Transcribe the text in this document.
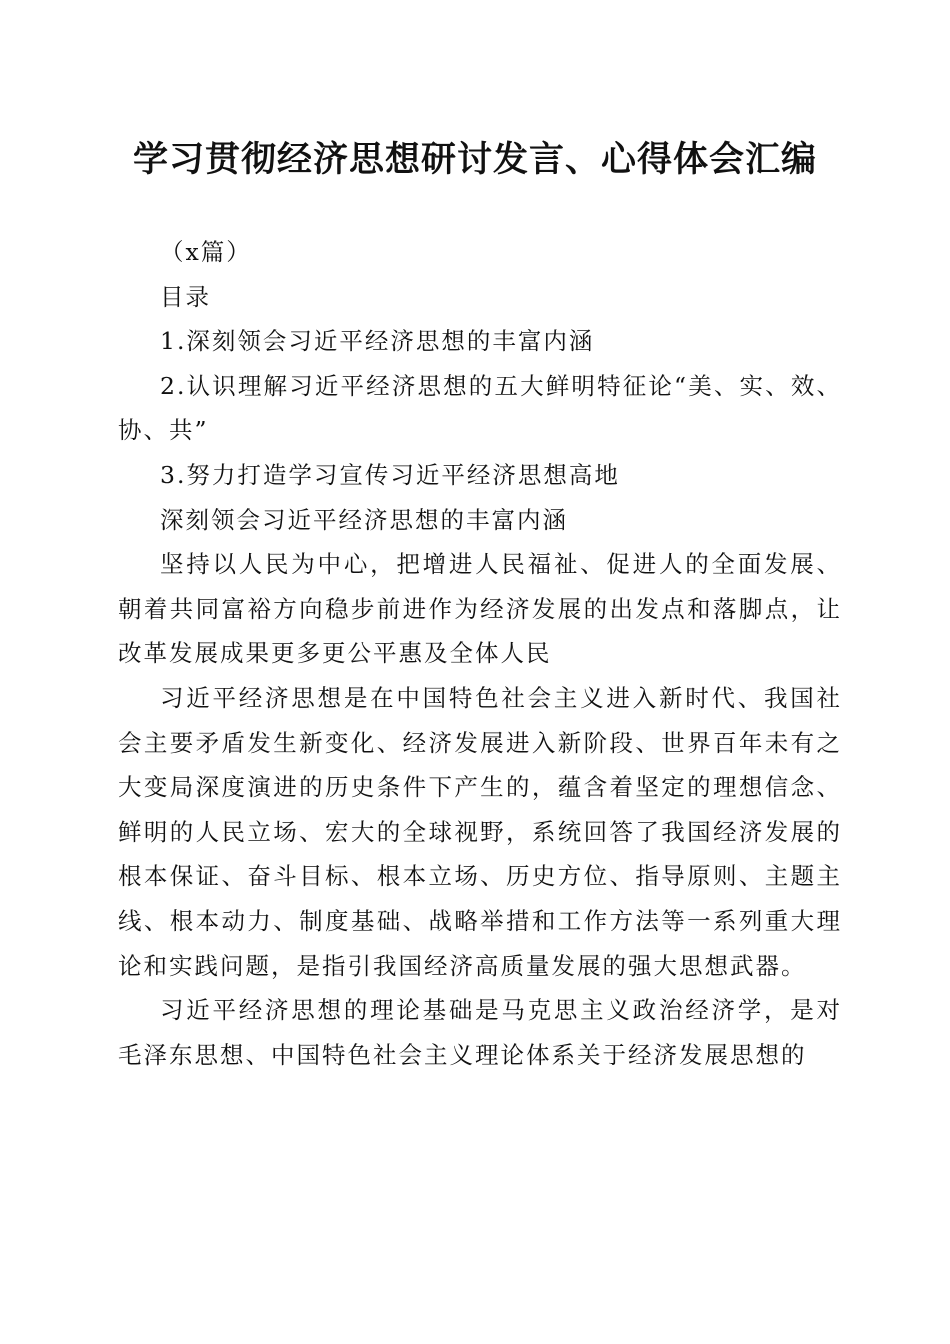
学习贯彻经济思想研讨发言、心得体会汇编

（x篇）

目录

1.深刻领会习近平经济思想的丰富内涵

2.认识理解习近平经济思想的五大鲜明特征论“美、实、效、协、共”

3.努力打造学习宣传习近平经济思想高地

深刻领会习近平经济思想的丰富内涵

坚持以人民为中心，把增进人民福祉、促进人的全面发展、朝着共同富裕方向稳步前进作为经济发展的出发点和落脚点，让改革发展成果更多更公平惠及全体人民

习近平经济思想是在中国特色社会主义进入新时代、我国社会主要矛盾发生新变化、经济发展进入新阶段、世界百年未有之大变局深度演进的历史条件下产生的，蕴含着坚定的理想信念、鲜明的人民立场、宏大的全球视野，系统回答了我国经济发展的根本保证、奋斗目标、根本立场、历史方位、指导原则、主题主线、根本动力、制度基础、战略举措和工作方法等一系列重大理论和实践问题，是指引我国经济高质量发展的强大思想武器。

习近平经济思想的理论基础是马克思主义政治经济学，是对毛泽东思想、中国特色社会主义理论体系关于经济发展思想的
